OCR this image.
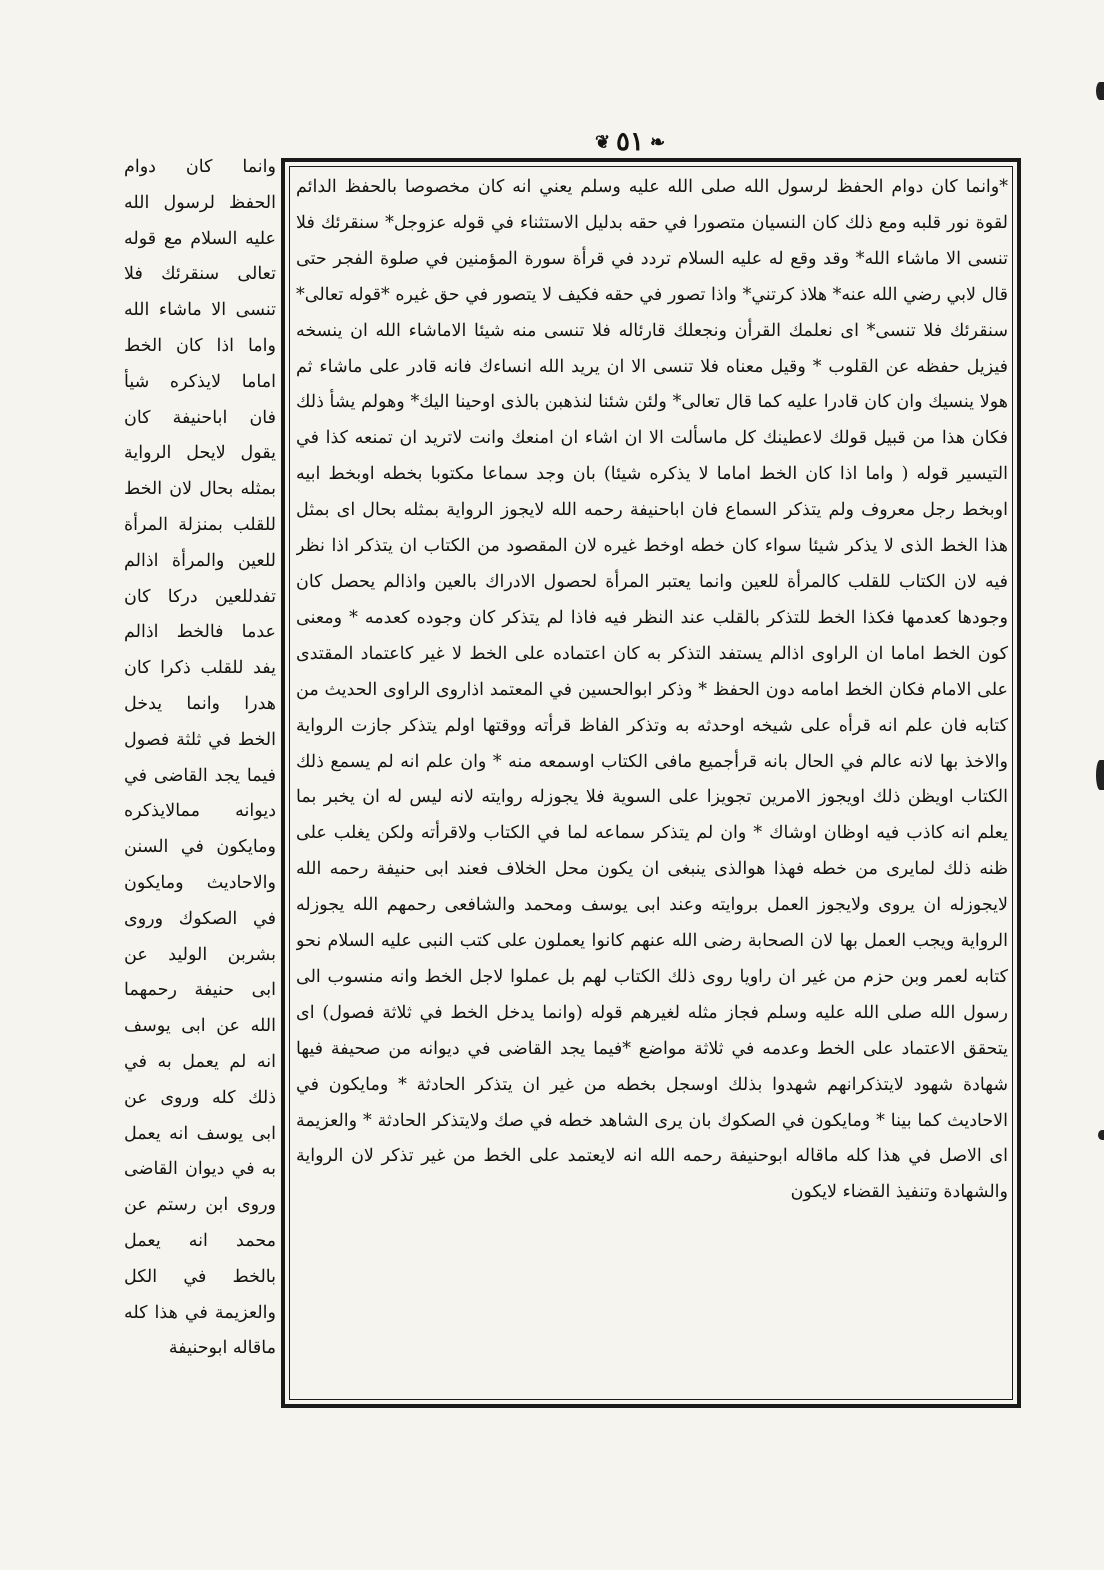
❦ ٥١ ❧

*وانما كان دوام الحفظ لرسول الله صلى الله عليه وسلم يعني انه كان مخصوصا بالحفظ الدائم لقوة نور قلبه ومع ذلك كان النسيان متصورا في حقه بدليل الاستثناء في قوله عزوجل* سنقرئك فلا تنسى الا ماشاء الله* وقد وقع له عليه السلام تردد في قرأة سورة المؤمنين في صلوة الفجر حتى قال لابي رضي الله عنه* هلاذ كرتني* واذا تصور في حقه فكيف لا يتصور في حق غيره *قوله تعالى* سنقرئك فلا تنسى* اى نعلمك القرأن ونجعلك قارئاله فلا تنسى منه شيئا الاماشاء الله ان ينسخه فيزيل حفظه عن القلوب * وقيل معناه فلا تنسى الا ان يريد الله انساءك فانه قادر على ماشاء ثم هولا ينسيك وان كان قادرا عليه كما قال تعالى* ولئن شئنا لنذهبن بالذى اوحينا اليك* وهولم يشأ ذلك فكان هذا من قبيل قولك لاعطينك كل ماسألت الا ان اشاء ان امنعك وانت لاتريد ان تمنعه كذا في التيسير قوله ( واما اذا كان الخط اماما لا يذكره شيئا) بان وجد سماعا مكتوبا بخطه اوبخط ابيه اوبخط رجل معروف ولم يتذكر السماع فان اباحنيفة رحمه الله لايجوز الرواية بمثله بحال اى بمثل هذا الخط الذى لا يذكر شيئا سواء كان خطه اوخط غيره لان المقصود من الكتاب ان يتذكر اذا نظر فيه لان الكتاب للقلب كالمرأة للعين وانما يعتبر المرأة لحصول الادراك بالعين واذالم يحصل كان وجودها كعدمها فكذا الخط للتذكر بالقلب عند النظر فيه فاذا لم يتذكر كان وجوده كعدمه * ومعنى كون الخط اماما ان الراوى اذالم يستفد التذكر به كان اعتماده على الخط لا غير كاعتماد المقتدى على الامام فكان الخط امامه دون الحفظ * وذكر ابوالحسين في المعتمد اذاروى الراوى الحديث من كتابه فان علم انه قرأه على شيخه اوحدثه به وتذكر الفاظ قرأته ووقتها اولم يتذكر جازت الرواية والاخذ بها لانه عالم في الحال بانه قرأجميع مافى الكتاب اوسمعه منه * وان علم انه لم يسمع ذلك الكتاب اويظن ذلك اويجوز الامرين تجويزا على السوية فلا يجوزله روايته لانه ليس له ان يخبر بما يعلم انه كاذب فيه اوظان اوشاك * وان لم يتذكر سماعه لما في الكتاب ولاقرأته ولكن يغلب على ظنه ذلك لمايرى من خطه فهذا هوالذى ينبغى ان يكون محل الخلاف فعند ابى حنيفة رحمه الله لايجوزله ان يروى ولايجوز العمل بروايته وعند ابى يوسف ومحمد والشافعى رحمهم الله يجوزله الرواية ويجب العمل بها لان الصحابة رضى الله عنهم كانوا يعملون على كتب النبى عليه السلام نحو كتابه لعمر وبن حزم من غير ان راويا روى ذلك الكتاب لهم بل عملوا لاجل الخط وانه منسوب الى رسول الله صلى الله عليه وسلم فجاز مثله لغيرهم قوله (وانما يدخل الخط في ثلاثة فصول) اى يتحقق الاعتماد على الخط وعدمه في ثلاثة مواضع *فيما يجد القاضى في ديوانه من صحيفة فيها شهادة شهود لايتذكرانهم شهدوا بذلك اوسجل بخطه من غير ان يتذكر الحادثة * ومايكون في الاحاديث كما بينا * ومايكون في الصكوك بان يرى الشاهد خطه في صك ولايتذكر الحادثة * والعزيمة اى الاصل في هذا كله ماقاله ابوحنيفة رحمه الله انه لايعتمد على الخط من غير تذكر لان الرواية والشهادة وتنفيذ القضاء لايكون

وانما كان دوام الحفظ لرسول الله عليه السلام مع قوله تعالى سنقرئك فلا تنسى الا ماشاء الله واما اذا كان الخط اماما لايذكره شيأ فان اباحنيفة كان يقول لايحل الرواية بمثله بحال لان الخط للقلب بمنزلة المرأة للعين والمرأة اذالم تفدللعين دركا كان عدما فالخط اذالم يفد للقلب ذكرا كان هدرا وانما يدخل الخط في ثلثة فصول فيما يجد القاضى في ديوانه ممالايذكره ومايكون في السنن والاحاديث ومايكون في الصكوك وروى بشربن الوليد عن ابى حنيفة رحمهما الله عن ابى يوسف انه لم يعمل به في ذلك كله وروى عن ابى يوسف انه يعمل به في ديوان القاضى وروى ابن رستم عن محمد انه يعمل بالخط في الكل والعزيمة في هذا كله ماقاله ابوحنيفة
